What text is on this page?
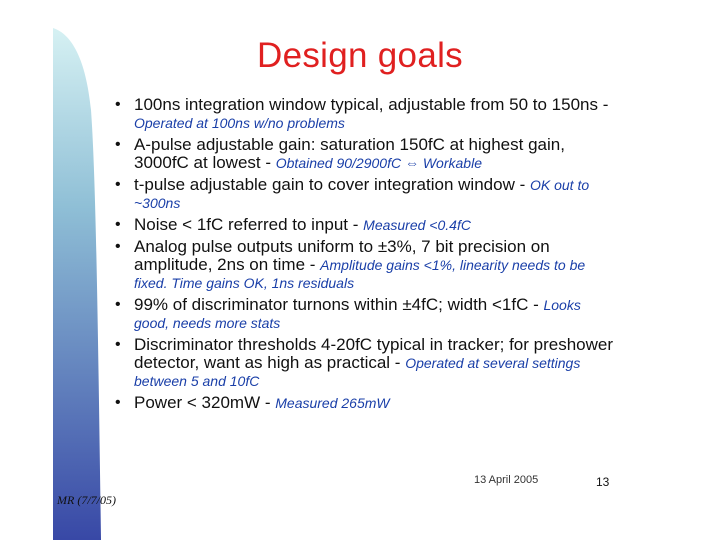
Design goals
• 100ns integration window typical, adjustable from 50 to 150ns - Operated at 100ns w/no problems
• A-pulse adjustable gain: saturation 150fC at highest gain, 3000fC at lowest - Obtained 90/2900fC ⇔ Workable
• t-pulse adjustable gain to cover integration window - OK out to ~300ns
• Noise < 1fC referred to input - Measured <0.4fC
• Analog pulse outputs uniform to ±3%, 7 bit precision on amplitude, 2ns on time - Amplitude gains <1%, linearity needs to be fixed. Time gains OK, 1ns residuals
• 99% of discriminator turnons within ±4fC; width <1fC - Looks good, needs more stats
• Discriminator thresholds 4-20fC typical in tracker; for preshower detector, want as high as practical - Operated at several settings between 5 and 10fC
• Power < 320mW - Measured 265mW
13 April 2005	13
MR (7/7/05)
